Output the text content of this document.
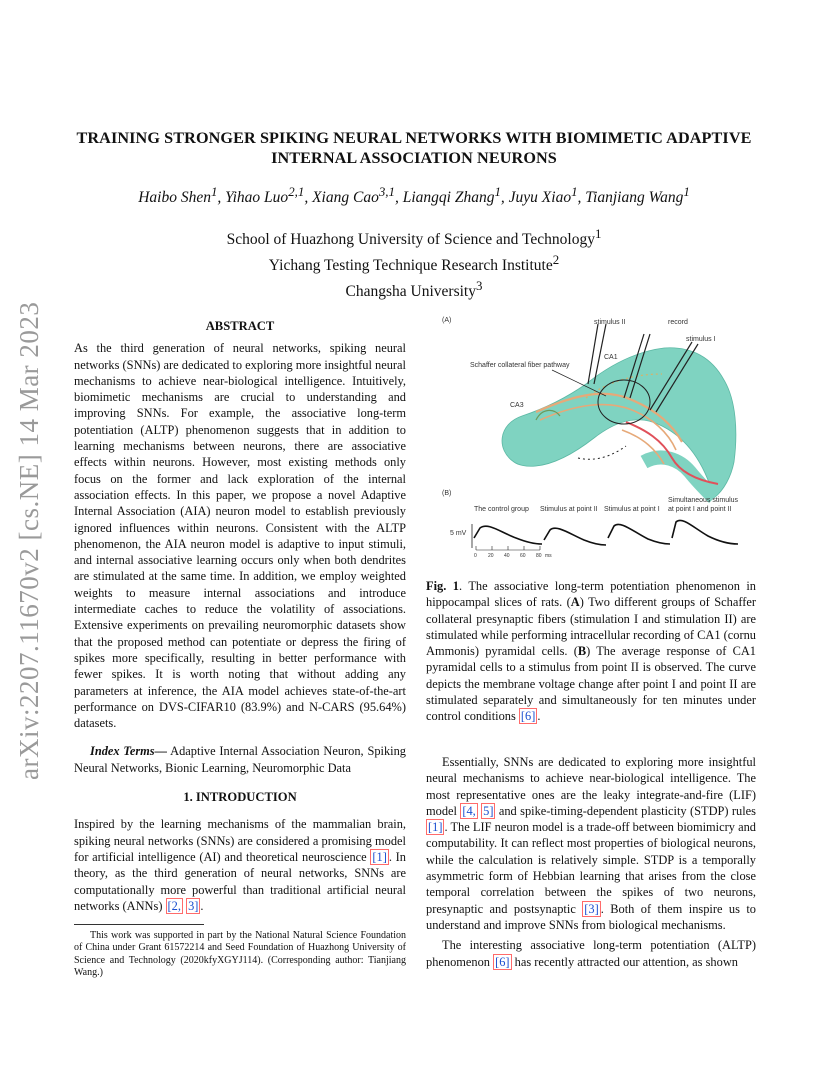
arXiv:2207.11670v2 [cs.NE] 14 Mar 2023
TRAINING STRONGER SPIKING NEURAL NETWORKS WITH BIOMIMETIC ADAPTIVE
INTERNAL ASSOCIATION NEURONS
Haibo Shen$^1$, Yihao Luo$^{2,1}$, Xiang Cao$^{3,1}$, Liangqi Zhang$^1$, Juyu Xiao$^1$, Tianjiang Wang$^1$
School of Huazhong University of Science and Technology$^1$
Yichang Testing Technique Research Institute$^2$
Changsha University$^3$
ABSTRACT
As the third generation of neural networks, spiking neural networks (SNNs) are dedicated to exploring more insightful neural mechanisms to achieve near-biological intelligence. Intuitively, biomimetic mechanisms are crucial to understanding and improving SNNs. For example, the associative long-term potentiation (ALTP) phenomenon suggests that in addition to learning mechanisms between neurons, there are associative effects within neurons. However, most existing methods only focus on the former and lack exploration of the internal association effects. In this paper, we propose a novel Adaptive Internal Association (AIA) neuron model to establish previously ignored influences within neurons. Consistent with the ALTP phenomenon, the AIA neuron model is adaptive to input stimuli, and internal associative learning occurs only when both dendrites are stimulated at the same time. In addition, we employ weighted weights to measure internal associations and introduce intermediate caches to reduce the volatility of associations. Extensive experiments on prevailing neuromorphic datasets show that the proposed method can potentiate or depress the firing of spikes more specifically, resulting in better performance with fewer spikes. It is worth noting that without adding any parameters at inference, the AIA model achieves state-of-the-art performance on DVS-CIFAR10 (83.9%) and N-CARS (95.64%) datasets.
Index Terms— Adaptive Internal Association Neuron, Spiking Neural Networks, Bionic Learning, Neuromorphic Data
1. INTRODUCTION
Inspired by the learning mechanisms of the mammalian brain, spiking neural networks (SNNs) are considered a promising model for artificial intelligence (AI) and theoretical neuroscience [1] . In theory, as the third generation of neural networks, SNNs are computationally more powerful than traditional artificial neural networks (ANNs) [2, 3] .
This work was supported in part by the National Natural Science Foundation of China under Grant 61572214 and Seed Foundation of Huazhong University of Science and Technology (2020kfyXGYJ114). (Corresponding author: Tianjiang Wang.)
(A)	stimulus II	record
stimulus I
Schaffer collateral fiber pathway
CA1
CA3
(B)
The control group Stimulus at point II Stimulus at point I
Simultaneous stimulus
at point I and point II
5 mV
0 20 40 60 80 ms
Fig. 1. The associative long-term potentiation phenomenon in hippocampal slices of rats. (A) Two different groups of Schaffer collateral presynaptic fibers (stimulation I and stimulation II) are stimulated while performing intracellular recording of CA1 (cornu Ammonis) pyramidal cells. (B) The average response of CA1 pyramidal cells to a stimulus from point II is observed. The curve depicts the membrane voltage change after point I and point II are stimulated separately and simultaneously for ten minutes under control conditions [6] .
Essentially, SNNs are dedicated to exploring more insightful neural mechanisms to achieve near-biological intelligence. The most representative ones are the leaky integrate-and-fire (LIF) model [4, 5] and spike-timing-dependent plasticity (STDP) rules [1] . The LIF neuron model is a trade-off between biomimicry and computability. It can reflect most properties of biological neurons, while the calculation is relatively simple. STDP is a temporally asymmetric form of Hebbian learning that arises from the close temporal correlation between the spikes of two neurons, presynaptic and postsynaptic [3] . Both of them inspire us to understand and improve SNNs from biological mechanisms.
The interesting associative long-term potentiation (ALTP) phenomenon [6] has recently attracted our attention, as shown
